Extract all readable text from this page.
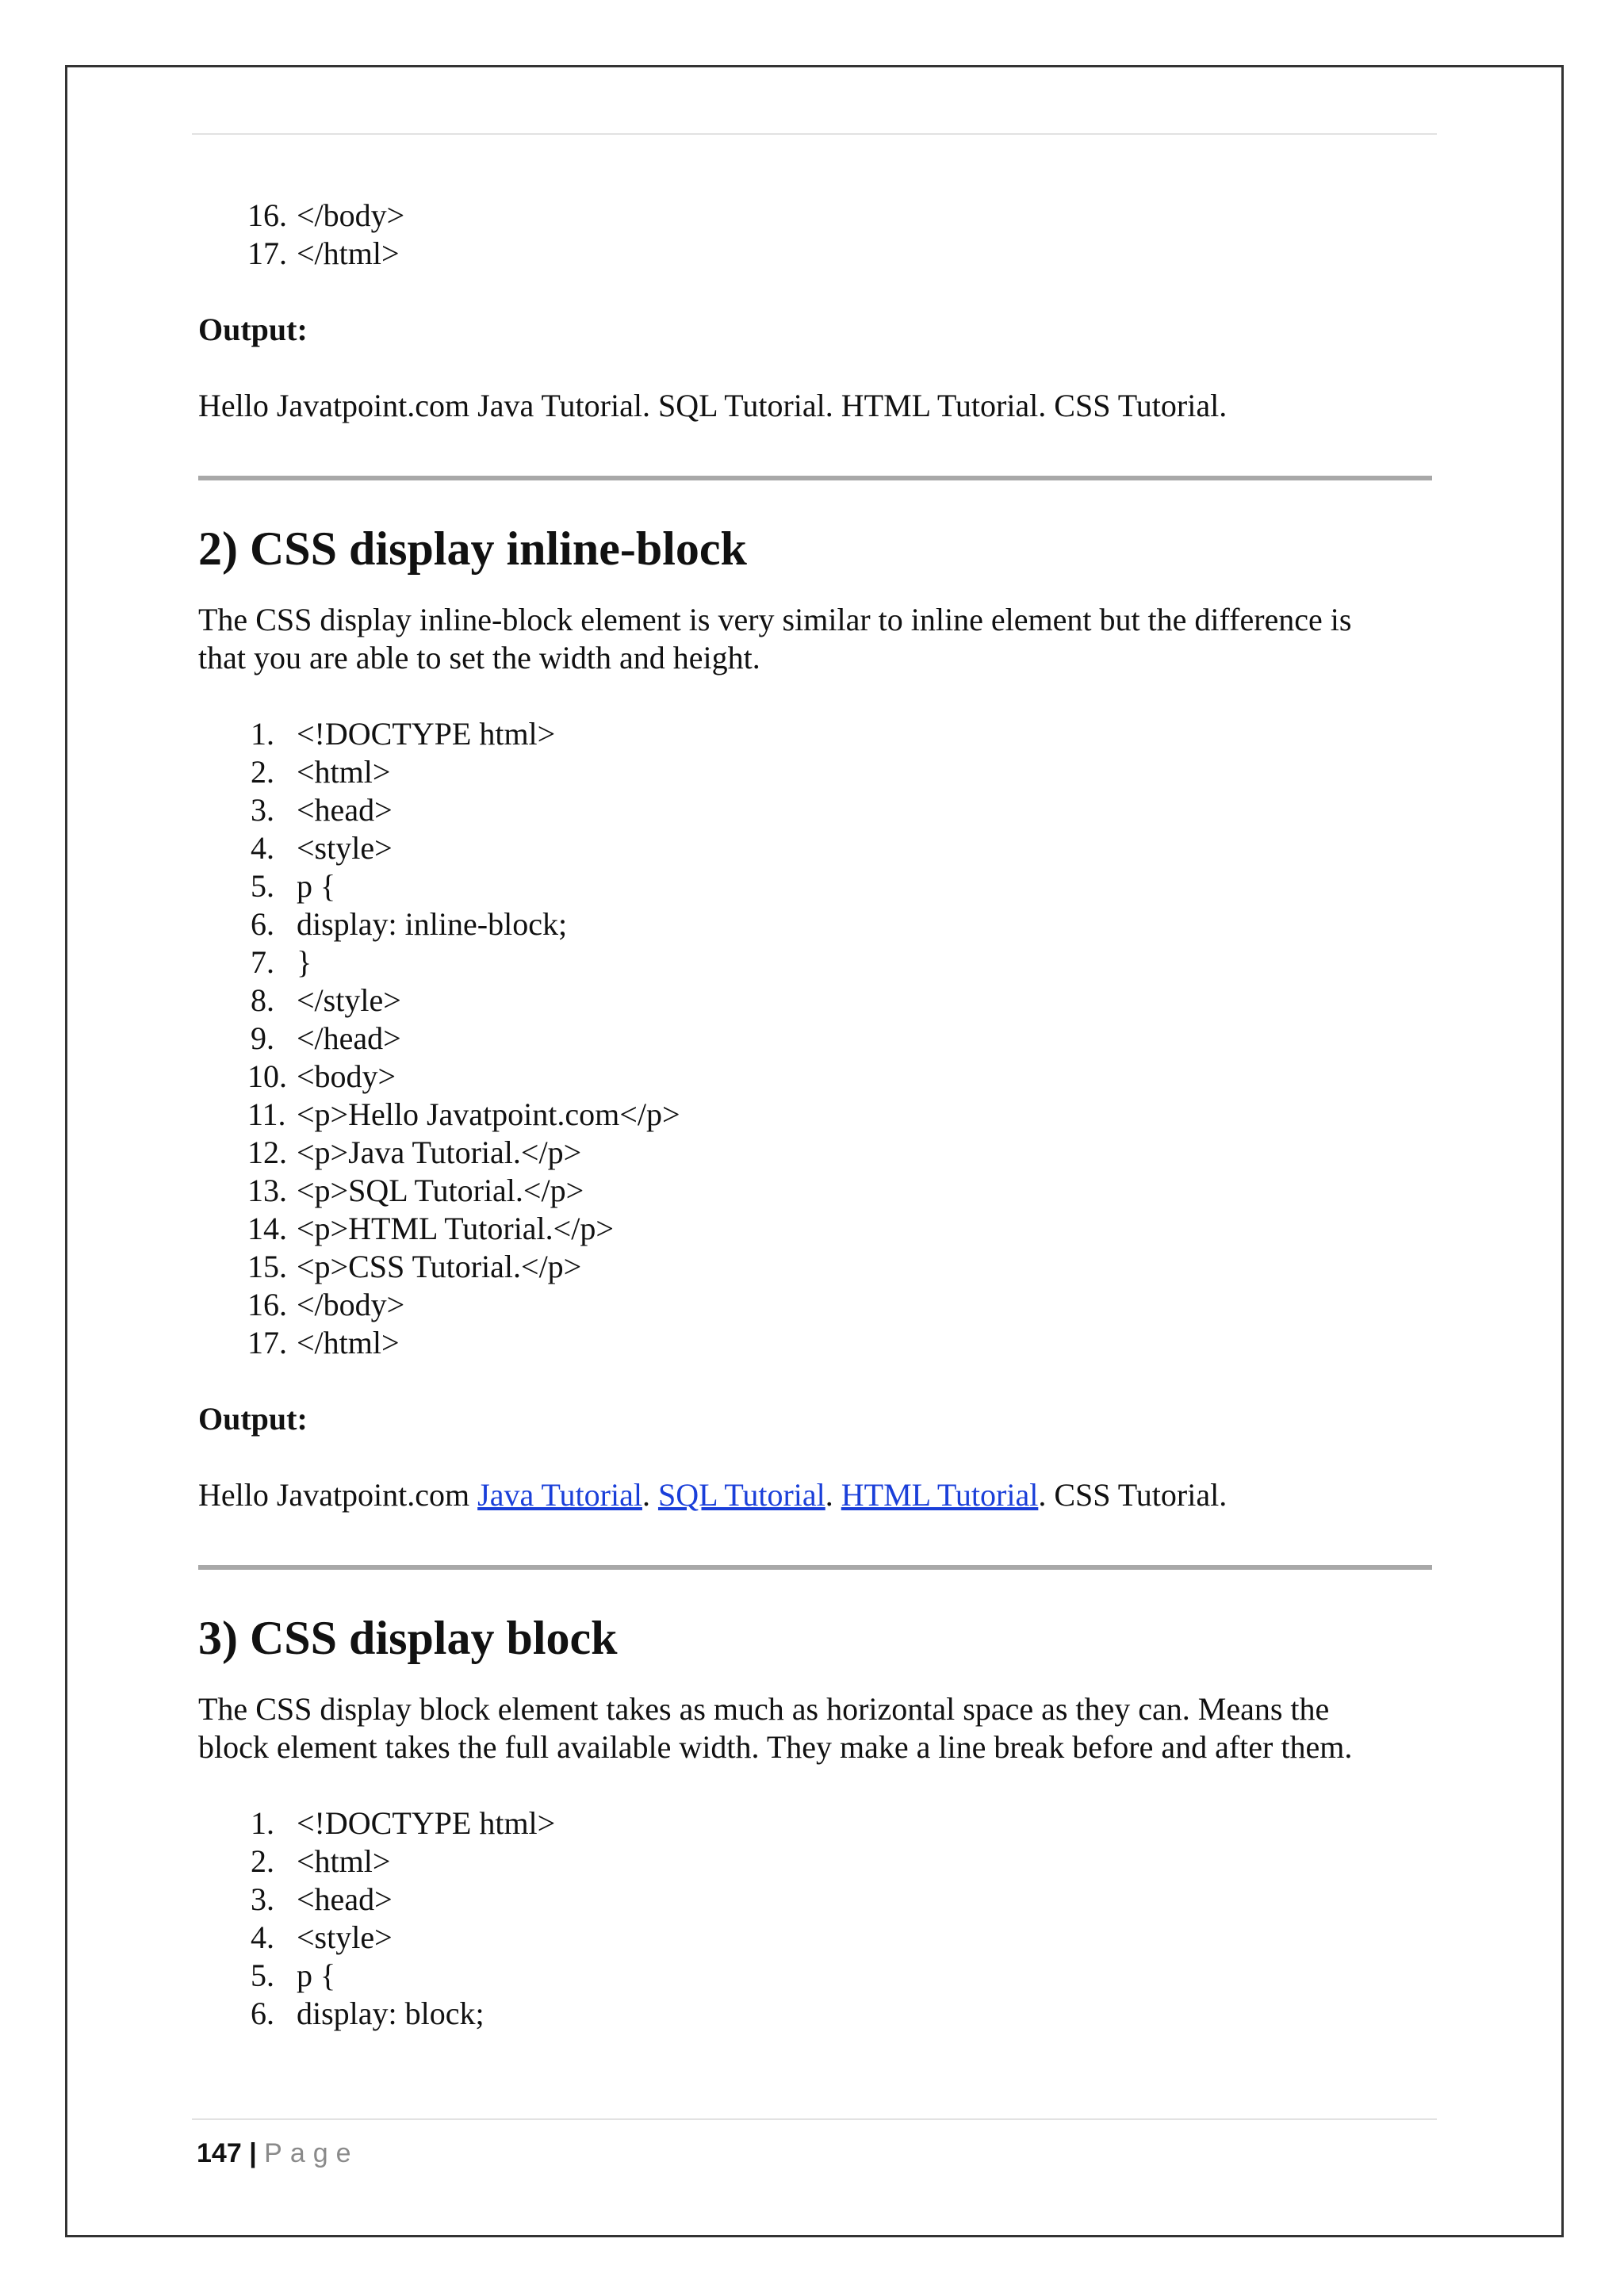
16.

</body>

17.

</html>

Output:

Hello Javatpoint.com Java Tutorial. SQL Tutorial. HTML Tutorial. CSS Tutorial.

2) CSS display inline-block

The CSS display inline-block element is very similar to inline element but the difference is

that you are able to set the width and height.

1. <!DOCTYPE html>
2. <html>
3. <head>
4. <style>
5. p {
6. display: inline-block;
7. }
8. </style>
9. </head>
10. <body>
11. <p>Hello Javatpoint.com</p>
12. <p>Java Tutorial.</p>
13. <p>SQL Tutorial.</p>
14. <p>HTML Tutorial.</p>
15. <p>CSS Tutorial.</p>
16. </body>
17. </html>

Output:

Hello Javatpoint.com Java Tutorial. SQL Tutorial. HTML Tutorial. CSS Tutorial.

3) CSS display block

The CSS display block element takes as much as horizontal space as they can. Means the

block element takes the full available width. They make a line break before and after them.

1. <!DOCTYPE html>
2. <html>
3. <head>
4. <style>
5. p {
6. display: block;
147 | Page
